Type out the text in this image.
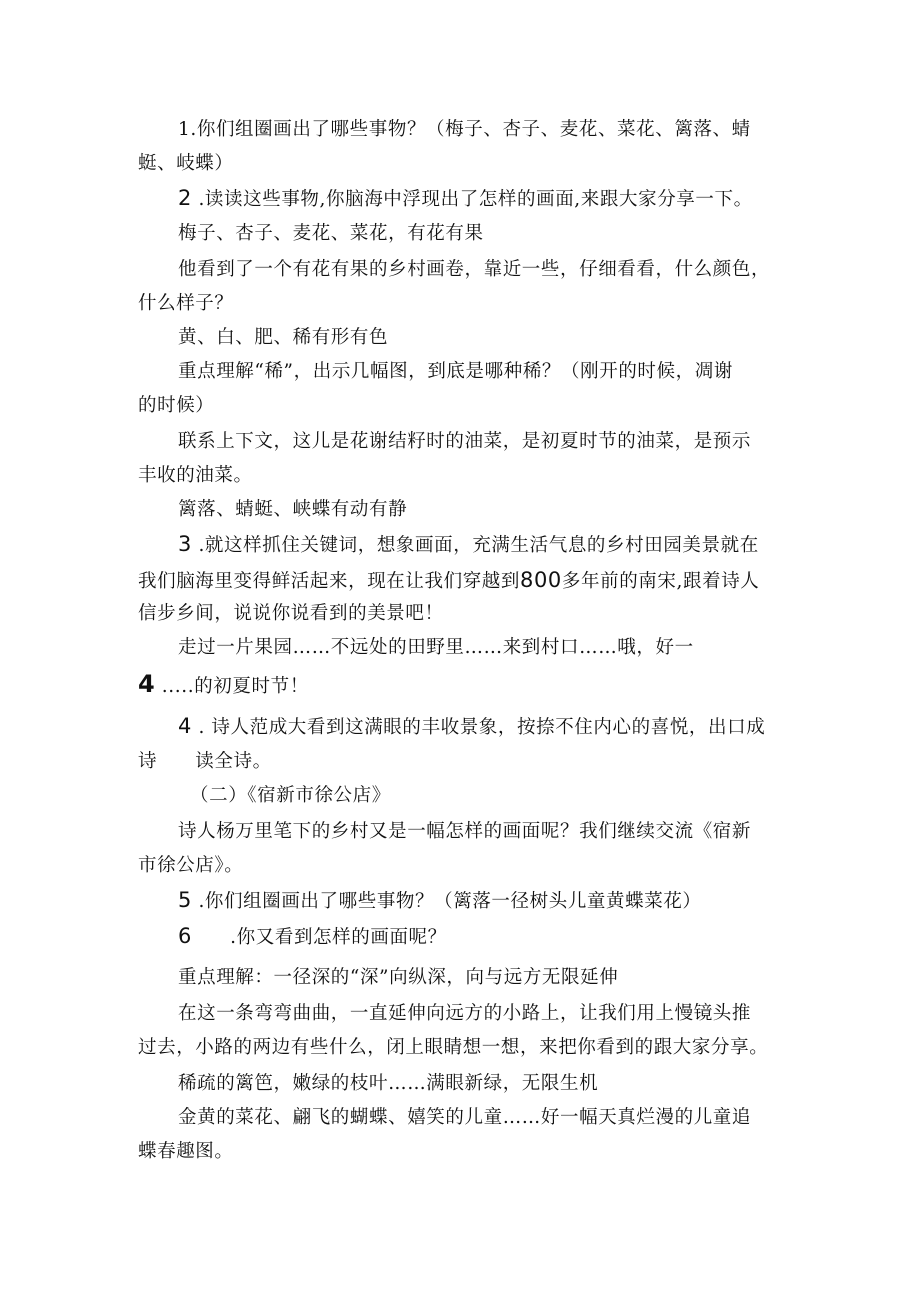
1.你们组圈画出了哪些事物？（梅子、杏子、麦花、菜花、篱落、蜻
蜓、岐蝶）
2 .读读这些事物,你脑海中浮现出了怎样的画面,来跟大家分享一下。
梅子、杏子、麦花、菜花，有花有果
他看到了一个有花有果的乡村画卷，靠近一些，仔细看看，什么颜色，
什么样子？
黄、白、肥、稀有形有色
重点理解“稀”，出示几幅图，到底是哪种稀？（刚开的时候，凋谢
的时候）
联系上下文，这儿是花谢结籽时的油菜，是初夏时节的油菜，是预示
丰收的油菜。
篱落、蜻蜓、峡蝶有动有静
3 .就这样抓住关键词，想象画面，充满生活气息的乡村田园美景就在
我们脑海里变得鲜活起来，现在让我们穿越到800多年前的南宋,跟着诗人
信步乡间，说说你说看到的美景吧！
走过一片果园……不远处的田野里……来到村口……哦，好一
4 .....的初夏时节！
4 . 诗人范成大看到这满眼的丰收景象，按捺不住内心的喜悦，出口成
诗　　读全诗。
（二）《宿新市徐公店》
诗人杨万里笔下的乡村又是一幅怎样的画面呢？我们继续交流《宿新
市徐公店》。
5 .你们组圈画出了哪些事物？（篱落一径树头儿童黄蝶菜花）
6　　.你又看到怎样的画面呢？
重点理解：一径深的“深”向纵深，向与远方无限延伸
在这一条弯弯曲曲，一直延伸向远方的小路上，让我们用上慢镜头推
过去，小路的两边有些什么，闭上眼睛想一想，来把你看到的跟大家分享。
稀疏的篱笆，嫩绿的枝叶……满眼新绿，无限生机
金黄的菜花、翩飞的蝴蝶、嬉笑的儿童……好一幅天真烂漫的儿童追
蝶春趣图。
